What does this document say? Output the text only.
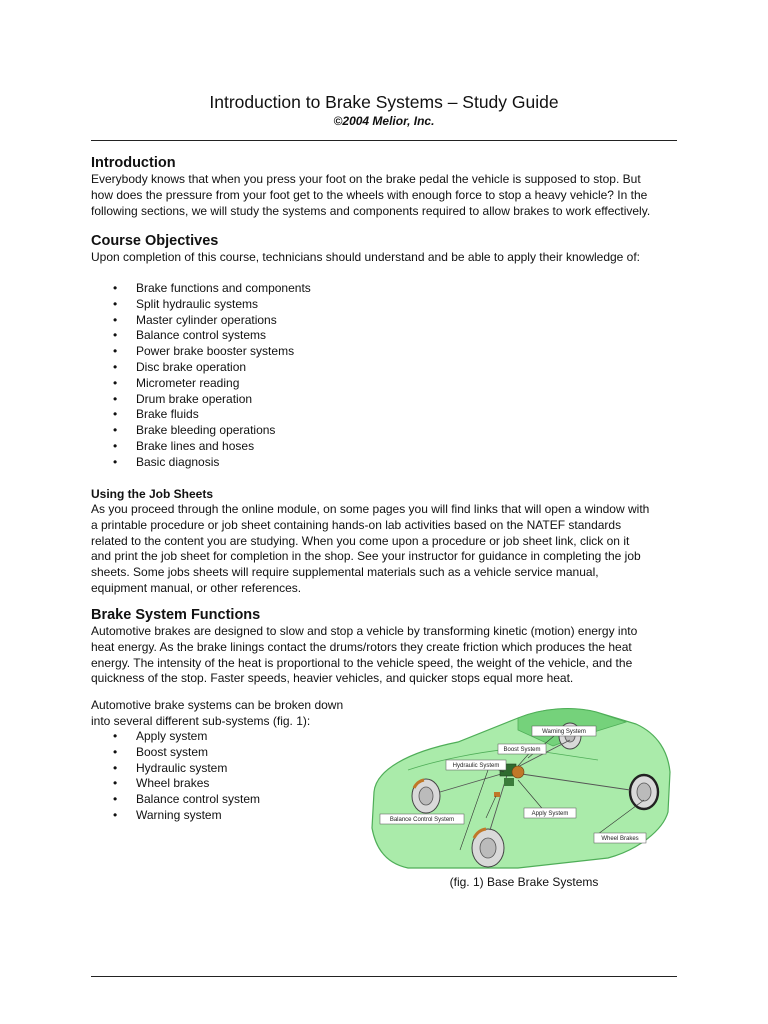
Introduction to Brake Systems – Study Guide
©2004 Melior, Inc.
Introduction
Everybody knows that when you press your foot on the brake pedal the vehicle is supposed to stop. But
how does the pressure from your foot get to the wheels with enough force to stop a heavy vehicle? In the
following sections, we will study the systems and components required to allow brakes to work effectively.
Course Objectives
Upon completion of this course, technicians should understand and be able to apply their knowledge of:
• Brake functions and components
• Split hydraulic systems
• Master cylinder operations
• Balance control systems
• Power brake booster systems
• Disc brake operation
• Micrometer reading
• Drum brake operation
• Brake fluids
• Brake bleeding operations
• Brake lines and hoses
• Basic diagnosis
Using the Job Sheets
As you proceed through the online module, on some pages you will find links that will open a window with
a printable procedure or job sheet containing hands-on lab activities based on the NATEF standards
related to the content you are studying. When you come upon a procedure or job sheet link, click on it
and print the job sheet for completion in the shop. See your instructor for guidance in completing the job
sheets. Some jobs sheets will require supplemental materials such as a vehicle service manual,
equipment manual, or other references.
Brake System Functions
Automotive brakes are designed to slow and stop a vehicle by transforming kinetic (motion) energy into
heat energy. As the brake linings contact the drums/rotors they create friction which produces the heat
energy. The intensity of the heat is proportional to the vehicle speed, the weight of the vehicle, and the
quickness of the stop. Faster speeds, heavier vehicles, and quicker stops equal more heat.
Automotive brake systems can be broken down
into several different sub-systems (fig. 1):
• Apply system
• Boost system
• Hydraulic system
• Wheel brakes
• Balance control system
• Warning system
Warning System
Boost System
Hydraulic System
Apply System
Balance Control System
Wheel Brakes
(fig. 1) Base Brake Systems
